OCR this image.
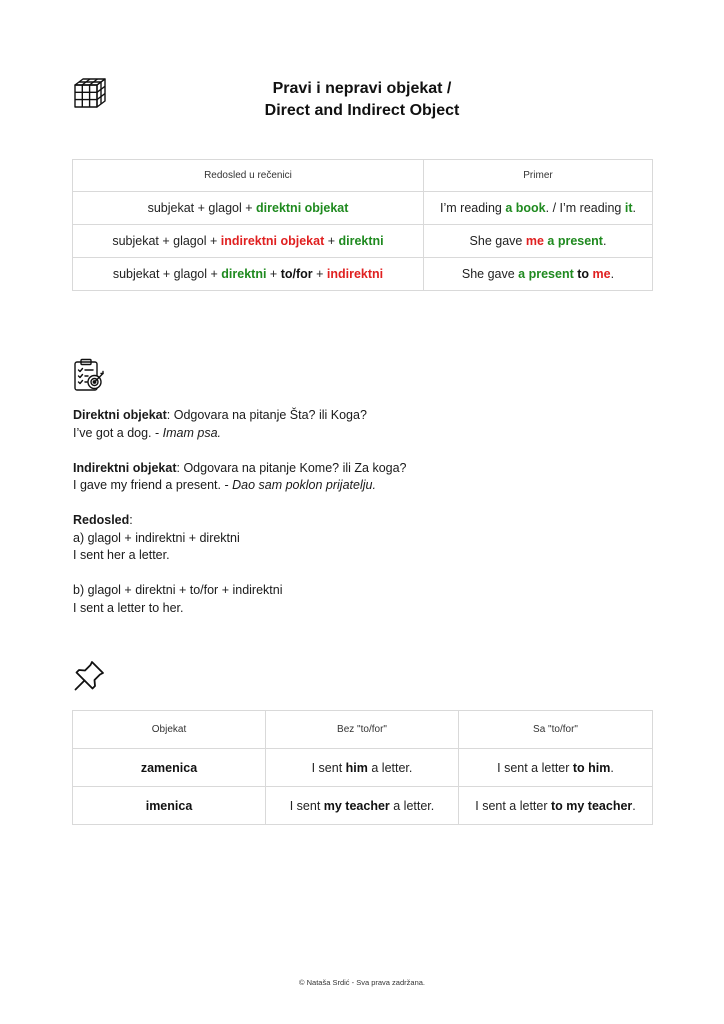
Pravi i nepravi objekat /
Direct and Indirect Object
Redosled u rečenici	Primer
subjekat + glagol + direktni objekat	I’m reading a book. / I’m reading it.
subjekat + glagol + indirektni objekat + direktni	She gave me a present.
subjekat + glagol + direktni + to/for + indirektni	She gave a present to me.
Direktni objekat: Odgovara na pitanje Šta? ili Koga?
I’ve got a dog. - Imam psa.
Indirektni objekat: Odgovara na pitanje Kome? ili Za koga?
I gave my friend a present. - Dao sam poklon prijatelju.
Redosled:
a) glagol + indirektni + direktni
I sent her a letter.
b) glagol + direktni + to/for + indirektni
I sent a letter to her.
Objekat	Bez "to/for"	Sa "to/for"
zamenica	I sent him a letter.	I sent a letter to him.
imenica	I sent my teacher a letter.	I sent a letter to my teacher.
© Nataša Srdić - Sva prava zadržana.
